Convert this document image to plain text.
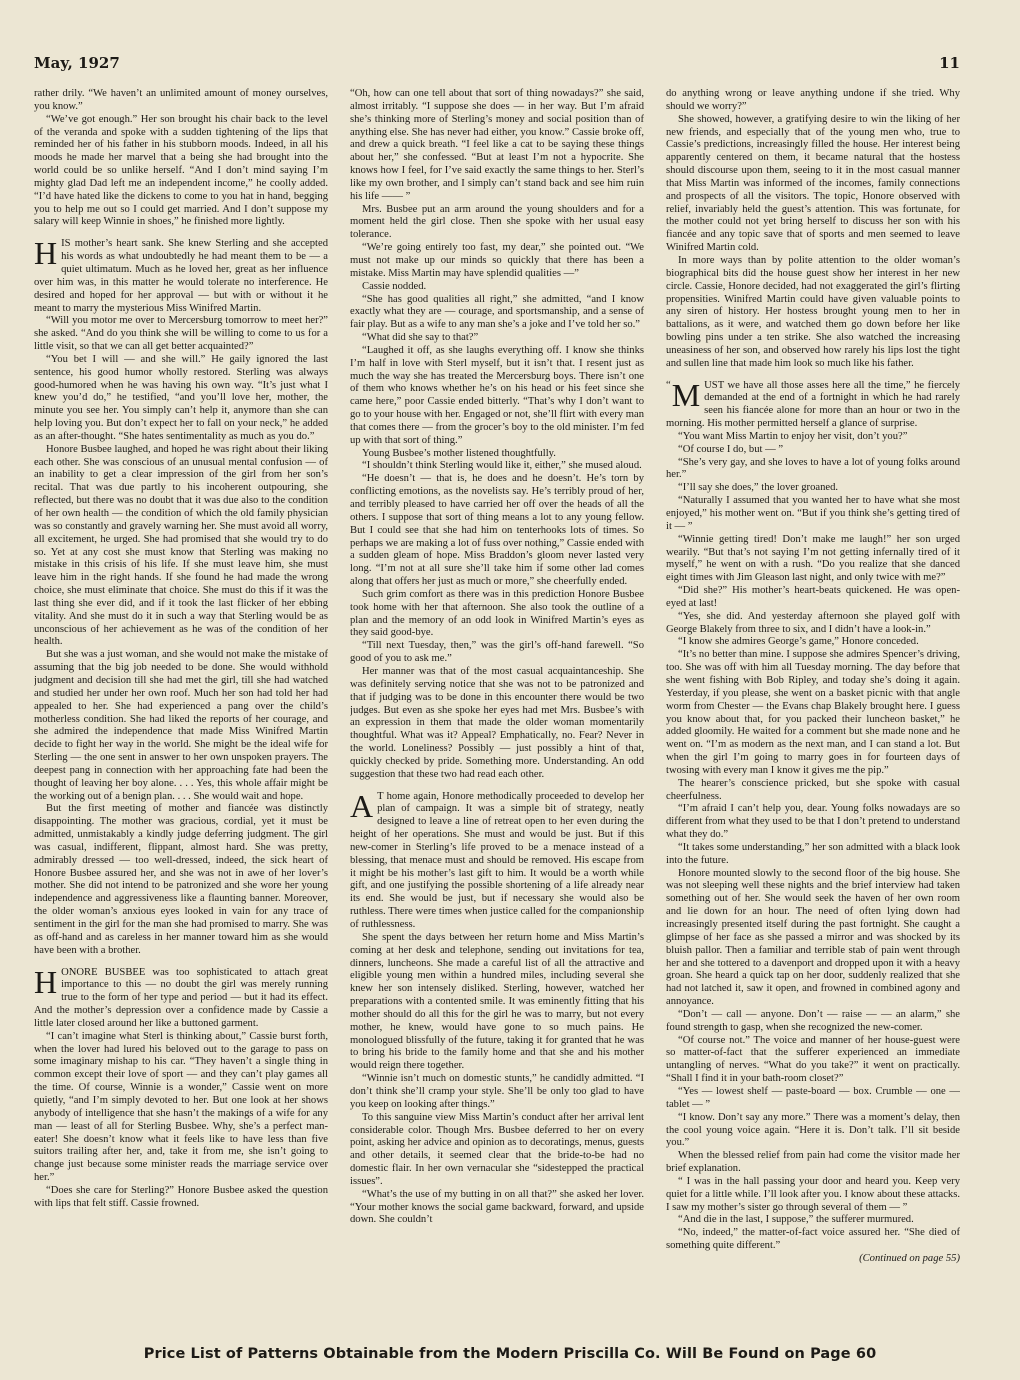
May, 1927	11

rather drily. “We haven’t an unlimited amount of money ourselves, you know.”

“We’ve got enough.” Her son brought his chair back to the level of the veranda and spoke with a sudden tightening of the lips that reminded her of his father in his stubborn moods. Indeed, in all his moods he made her marvel that a being she had brought into the world could be so unlike herself. “And I don’t mind saying I’m mighty glad Dad left me an independent income,” he coolly added. “I’d have hated like the dickens to come to you hat in hand, begging you to help me out so I could get married. And I don’t suppose my salary will keep Winnie in shoes,” he finished more lightly.

HIS mother’s heart sank. She knew Sterling and she accepted his words as what undoubtedly he had meant them to be — a quiet ultimatum. Much as he loved her, great as her influence over him was, in this matter he would tolerate no interference. He desired and hoped for her approval — but with or without it he meant to marry the mysterious Miss Winifred Martin.

“Will you motor me over to Mercersburg tomorrow to meet her?” she asked. “And do you think she will be willing to come to us for a little visit, so that we can all get better acquainted?”

“You bet I will — and she will.” He gaily ignored the last sentence, his good humor wholly restored. Sterling was always good-humored when he was having his own way. “It’s just what I knew you’d do,” he testified, “and you’ll love her, mother, the minute you see her. You simply can’t help it, anymore than she can help loving you. But don’t expect her to fall on your neck,” he added as an after-thought. “She hates sentimentality as much as you do.”

Honore Busbee laughed, and hoped he was right about their liking each other. She was conscious of an unusual mental confusion — of an inability to get a clear impression of the girl from her son’s recital. That was due partly to his incoherent outpouring, she reflected, but there was no doubt that it was due also to the condition of her own health — the condition of which the old family physician was so constantly and gravely warning her. She must avoid all worry, all excitement, he urged. She had promised that she would try to do so. Yet at any cost she must know that Sterling was making no mistake in this crisis of his life. If she must leave him, she must leave him in the right hands. If she found he had made the wrong choice, she must eliminate that choice. She must do this if it was the last thing she ever did, and if it took the last flicker of her ebbing vitality. And she must do it in such a way that Sterling would be as unconscious of her achievement as he was of the condition of her health.

But she was a just woman, and she would not make the mistake of assuming that the big job needed to be done. She would withhold judgment and decision till she had met the girl, till she had watched and studied her under her own roof. Much her son had told her had appealed to her. She had experienced a pang over the child’s motherless condition. She had liked the reports of her courage, and she admired the independence that made Miss Winifred Martin decide to fight her way in the world. She might be the ideal wife for Sterling — the one sent in answer to her own unspoken prayers. The deepest pang in connection with her approaching fate had been the thought of leaving her boy alone. . . . Yes, this whole affair might be the working out of a benign plan. . . . She would wait and hope.

But the first meeting of mother and fiancée was distinctly disappointing. The mother was gracious, cordial, yet it must be admitted, unmistakably a kindly judge deferring judgment. The girl was casual, indifferent, flippant, almost hard. She was pretty, admirably dressed — too well-dressed, indeed, the sick heart of Honore Busbee assured her, and she was not in awe of her lover’s mother. She did not intend to be patronized and she wore her young independence and aggressiveness like a flaunting banner. Moreover, the older woman’s anxious eyes looked in vain for any trace of sentiment in the girl for the man she had promised to marry. She was as off-hand and as careless in her manner toward him as she would have been with a brother.

HONORE BUSBEE was too sophisticated to attach great importance to this — no doubt the girl was merely running true to the form of her type and period — but it had its effect. And the mother’s depression over a confidence made by Cassie a little later closed around her like a buttoned garment.

“I can’t imagine what Sterl is thinking about,” Cassie burst forth, when the lover had lured his beloved out to the garage to pass on some imaginary mishap to his car. “They haven’t a single thing in common except their love of sport — and they can’t play games all the time. Of course, Winnie is a wonder,” Cassie went on more quietly, “and I’m simply devoted to her. But one look at her shows anybody of intelligence that she hasn’t the makings of a wife for any man — least of all for Sterling Busbee. Why, she’s a perfect man-eater! She doesn’t know what it feels like to have less than five suitors trailing after her, and, take it from me, she isn’t going to change just because some minister reads the marriage service over her.”

“Does she care for Sterling?” Honore Busbee asked the question with lips that felt stiff. Cassie frowned.

“Oh, how can one tell about that sort of thing nowadays?” she said, almost irritably. “I suppose she does — in her way. But I’m afraid she’s thinking more of Sterling’s money and social position than of anything else. She has never had either, you know.” Cassie broke off, and drew a quick breath. “I feel like a cat to be saying these things about her,” she confessed. “But at least I’m not a hypocrite. She knows how I feel, for I’ve said exactly the same things to her. Sterl’s like my own brother, and I simply can’t stand back and see him ruin his life —— ”

Mrs. Busbee put an arm around the young shoulders and for a moment held the girl close. Then she spoke with her usual easy tolerance.

“We’re going entirely too fast, my dear,” she pointed out. “We must not make up our minds so quickly that there has been a mistake. Miss Martin may have splendid qualities —”

Cassie nodded.

“She has good qualities all right,” she admitted, “and I know exactly what they are — courage, and sportsmanship, and a sense of fair play. But as a wife to any man she’s a joke and I’ve told her so.”

“What did she say to that?”

“Laughed it off, as she laughs everything off. I know she thinks I’m half in love with Sterl myself, but it isn’t that. I resent just as much the way she has treated the Mercersburg boys. There isn’t one of them who knows whether he’s on his head or his feet since she came here,” poor Cassie ended bitterly. “That’s why I don’t want to go to your house with her. Engaged or not, she’ll flirt with every man that comes there — from the grocer’s boy to the old minister. I’m fed up with that sort of thing.”

Young Busbee’s mother listened thoughtfully.

“I shouldn’t think Sterling would like it, either,” she mused aloud.

“He doesn’t — that is, he does and he doesn’t. He’s torn by conflicting emotions, as the novelists say. He’s terribly proud of her, and terribly pleased to have carried her off over the heads of all the others. I suppose that sort of thing means a lot to any young fellow. But I could see that she had him on tenterhooks lots of times. So perhaps we are making a lot of fuss over nothing,” Cassie ended with a sudden gleam of hope. Miss Braddon’s gloom never lasted very long. “I’m not at all sure she’ll take him if some other lad comes along that offers her just as much or more,” she cheerfully ended.

Such grim comfort as there was in this prediction Honore Busbee took home with her that afternoon. She also took the outline of a plan and the memory of an odd look in Winifred Martin’s eyes as they said good-bye.

“Till next Tuesday, then,” was the girl’s off-hand farewell. “So good of you to ask me.”

Her manner was that of the most casual acquaintanceship. She was definitely serving notice that she was not to be patronized and that if judging was to be done in this encounter there would be two judges. But even as she spoke her eyes had met Mrs. Busbee’s with an expression in them that made the older woman momentarily thoughtful. What was it? Appeal? Emphatically, no. Fear? Never in the world. Loneliness? Possibly — just possibly a hint of that, quickly checked by pride. Something more. Understanding. An odd suggestion that these two had read each other.

A T home again, Honore methodically proceeded to develop her plan of campaign. It was a simple bit of strategy, neatly designed to leave a line of retreat open to her even during the height of her operations. She must and would be just. But if this new-comer in Sterling’s life proved to be a menace instead of a blessing, that menace must and should be removed. His escape from it might be his mother’s last gift to him. It would be a worth while gift, and one justifying the possible shortening of a life already near its end. She would be just, but if necessary she would also be ruthless. There were times when justice called for the companionship of ruthlessness.

She spent the days between her return home and Miss Martin’s coming at her desk and telephone, sending out invitations for tea, dinners, luncheons. She made a careful list of all the attractive and eligible young men within a hundred miles, including several she knew her son intensely disliked. Sterling, however, watched her preparations with a contented smile. It was eminently fitting that his mother should do all this for the girl he was to marry, but not every mother, he knew, would have gone to so much pains. He monologued blissfully of the future, taking it for granted that he was to bring his bride to the family home and that she and his mother would reign there together.

“Winnie isn’t much on domestic stunts,” he candidly admitted. “I don’t think she’ll cramp your style. She’ll be only too glad to have you keep on looking after things.”

To this sanguine view Miss Martin’s conduct after her arrival lent considerable color. Though Mrs. Busbee deferred to her on every point, asking her advice and opinion as to decoratings, menus, guests and other details, it seemed clear that the bride-to-be had no domestic flair. In her own vernacular she “sidestepped the practical issues”.

“What’s the use of my butting in on all that?” she asked her lover. “Your mother knows the social game backward, forward, and upside down. She couldn’t

do anything wrong or leave anything undone if she tried. Why should we worry?”

She showed, however, a gratifying desire to win the liking of her new friends, and especially that of the young men who, true to Cassie’s predictions, increasingly filled the house. Her interest being apparently centered on them, it became natural that the hostess should discourse upon them, seeing to it in the most casual manner that Miss Martin was informed of the incomes, family connections and prospects of all the visitors. The topic, Honore observed with relief, invariably held the guest’s attention. This was fortunate, for the mother could not yet bring herself to discuss her son with his fiancée and any topic save that of sports and men seemed to leave Winifred Martin cold.

In more ways than by polite attention to the older woman’s biographical bits did the house guest show her interest in her new circle. Cassie, Honore decided, had not exaggerated the girl’s flirting propensities. Winifred Martin could have given valuable points to any siren of history. Her hostess brought young men to her in battalions, as it were, and watched them go down before her like bowling pins under a ten strike. She also watched the increasing uneasiness of her son, and observed how rarely his lips lost the tight and sullen line that made him look so much like his father.

“ M UST we have all those asses here all the time,” he fiercely demanded at the end of a fortnight in which he had rarely seen his fiancée alone for more than an hour or two in the morning. His mother permitted herself a glance of surprise.

“You want Miss Martin to enjoy her visit, don’t you?”

“Of course I do, but — ”

“She’s very gay, and she loves to have a lot of young folks around her.”

“I’ll say she does,” the lover groaned.

“Naturally I assumed that you wanted her to have what she most enjoyed,” his mother went on. “But if you think she’s getting tired of it — ”

“Winnie getting tired! Don’t make me laugh!” her son urged wearily. “But that’s not saying I’m not getting infernally tired of it myself,” he went on with a rush. “Do you realize that she danced eight times with Jim Gleason last night, and only twice with me?”

“Did she?” His mother’s heart-beats quickened. He was open-eyed at last!

“Yes, she did. And yesterday afternoon she played golf with George Blakely from three to six, and I didn’t have a look-in.”

“I know she admires George’s game,” Honore conceded.

“It’s no better than mine. I suppose she admires Spencer’s driving, too. She was off with him all Tuesday morning. The day before that she went fishing with Bob Ripley, and today she’s doing it again. Yesterday, if you please, she went on a basket picnic with that angle worm from Chester — the Evans chap Blakely brought here. I guess you know about that, for you packed their luncheon basket,” he added gloomily. He waited for a comment but she made none and he went on. “I’m as modern as the next man, and I can stand a lot. But when the girl I’m going to marry goes in for fourteen days of twosing with every man I know it gives me the pip.”

The hearer’s conscience pricked, but she spoke with casual cheerfulness.

“I’m afraid I can’t help you, dear. Young folks nowadays are so different from what they used to be that I don’t pretend to understand what they do.”

“It takes some understanding,” her son admitted with a black look into the future.

Honore mounted slowly to the second floor of the big house. She was not sleeping well these nights and the brief interview had taken something out of her. She would seek the haven of her own room and lie down for an hour. The need of often lying down had increasingly presented itself during the past fortnight. She caught a glimpse of her face as she passed a mirror and was shocked by its bluish pallor. Then a familiar and terrible stab of pain went through her and she tottered to a davenport and dropped upon it with a heavy groan. She heard a quick tap on her door, suddenly realized that she had not latched it, saw it open, and frowned in combined agony and annoyance.

“Don’t — call — anyone. Don’t — raise — — an alarm,” she found strength to gasp, when she recognized the new-comer.

“Of course not.” The voice and manner of her house-guest were so matter-of-fact that the sufferer experienced an immediate untangling of nerves. “What do you take?” it went on practically. “Shall I find it in your bath-room closet?”

“Yes — lowest shelf — paste-board — box. Crumble — one — tablet — ”

“I know. Don’t say any more.” There was a moment’s delay, then the cool young voice again. “Here it is. Don’t talk. I’ll sit beside you.”

When the blessed relief from pain had come the visitor made her brief explanation.

“ I was in the hall passing your door and heard you. Keep very quiet for a little while. I’ll look after you. I know about these attacks. I saw my mother’s sister go through several of them — ”

“And die in the last, I suppose,” the sufferer murmured.

“No, indeed,” the matter-of-fact voice assured her. “She died of something quite different.”

(Continued on page 55)

Price List of Patterns Obtainable from the Modern Priscilla Co. Will Be Found on Page 60
